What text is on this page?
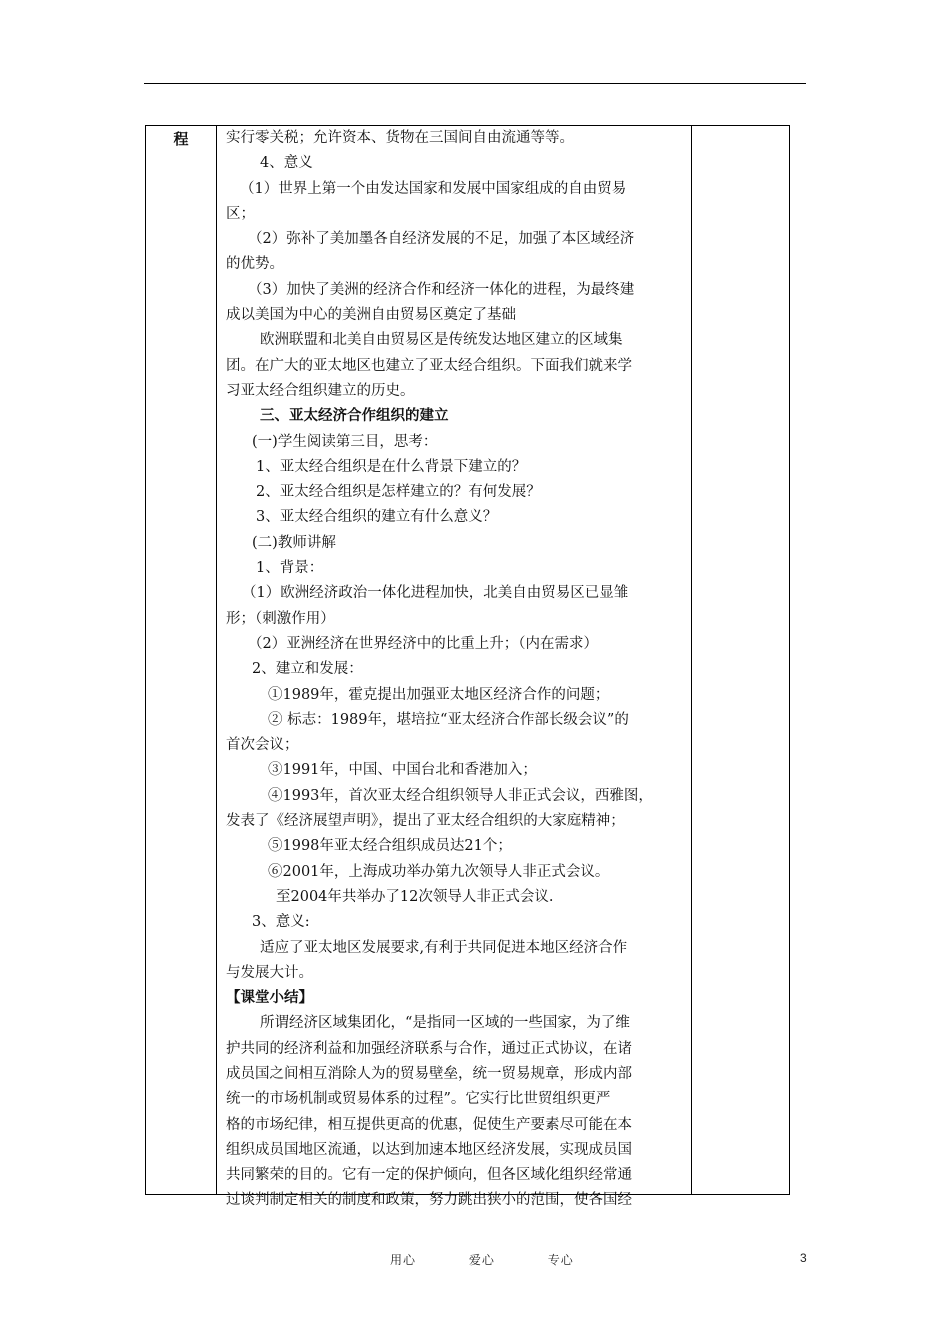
程	实行零关税；允许资本、货物在三国间自由流通等等。

4、意义

（1）世界上第一个由发达国家和发展中国家组成的自由贸易

区；

（2）弥补了美加墨各自经济发展的不足，加强了本区域经济

的优势。

（3）加快了美洲的经济合作和经济一体化的进程，为最终建

成以美国为中心的美洲自由贸易区奠定了基础

欧洲联盟和北美自由贸易区是传统发达地区建立的区域集

团。在广大的亚太地区也建立了亚太经合组织。下面我们就来学

习亚太经合组织建立的历史。

三、亚太经济合作组织的建立

(一)学生阅读第三目，思考：

1、亚太经合组织是在什么背景下建立的？

2、亚太经合组织是怎样建立的？有何发展？

3、亚太经合组织的建立有什么意义？

(二)教师讲解

1、背景：

（1）欧洲经济政治一体化进程加快，北美自由贸易区已显雏

形；（刺激作用）

（2）亚洲经济在世界经济中的比重上升；（内在需求）

2、建立和发展：

①1989年，霍克提出加强亚太地区经济合作的问题；

② 标志：1989年，堪培拉“亚太经济合作部长级会议”的

首次会议；

③1991年，中国、中国台北和香港加入；

④1993年，首次亚太经合组织领导人非正式会议，西雅图，

发表了《经济展望声明》，提出了亚太经合组织的大家庭精神；

⑤1998年亚太经合组织成员达21个；

⑥2001年，上海成功举办第九次领导人非正式会议。

至2004年共举办了12次领导人非正式会议.

3、意义:

适应了亚太地区发展要求,有利于共同促进本地区经济合作

与发展大计。

【课堂小结】

所谓经济区域集团化，“是指同一区域的一些国家，为了维

护共同的经济利益和加强经济联系与合作，通过正式协议，在诸

成员国之间相互消除人为的贸易壁垒，统一贸易规章，形成内部

统一的市场机制或贸易体系的过程”。它实行比世贸组织更严

格的市场纪律，相互提供更高的优惠，促使生产要素尽可能在本

组织成员国地区流通，以达到加速本地区经济发展，实现成员国

共同繁荣的目的。它有一定的保护倾向，但各区域化组织经常通

过谈判制定相关的制度和政策，努力跳出狭小的范围，使各国经

用心	爱心	专心	3
